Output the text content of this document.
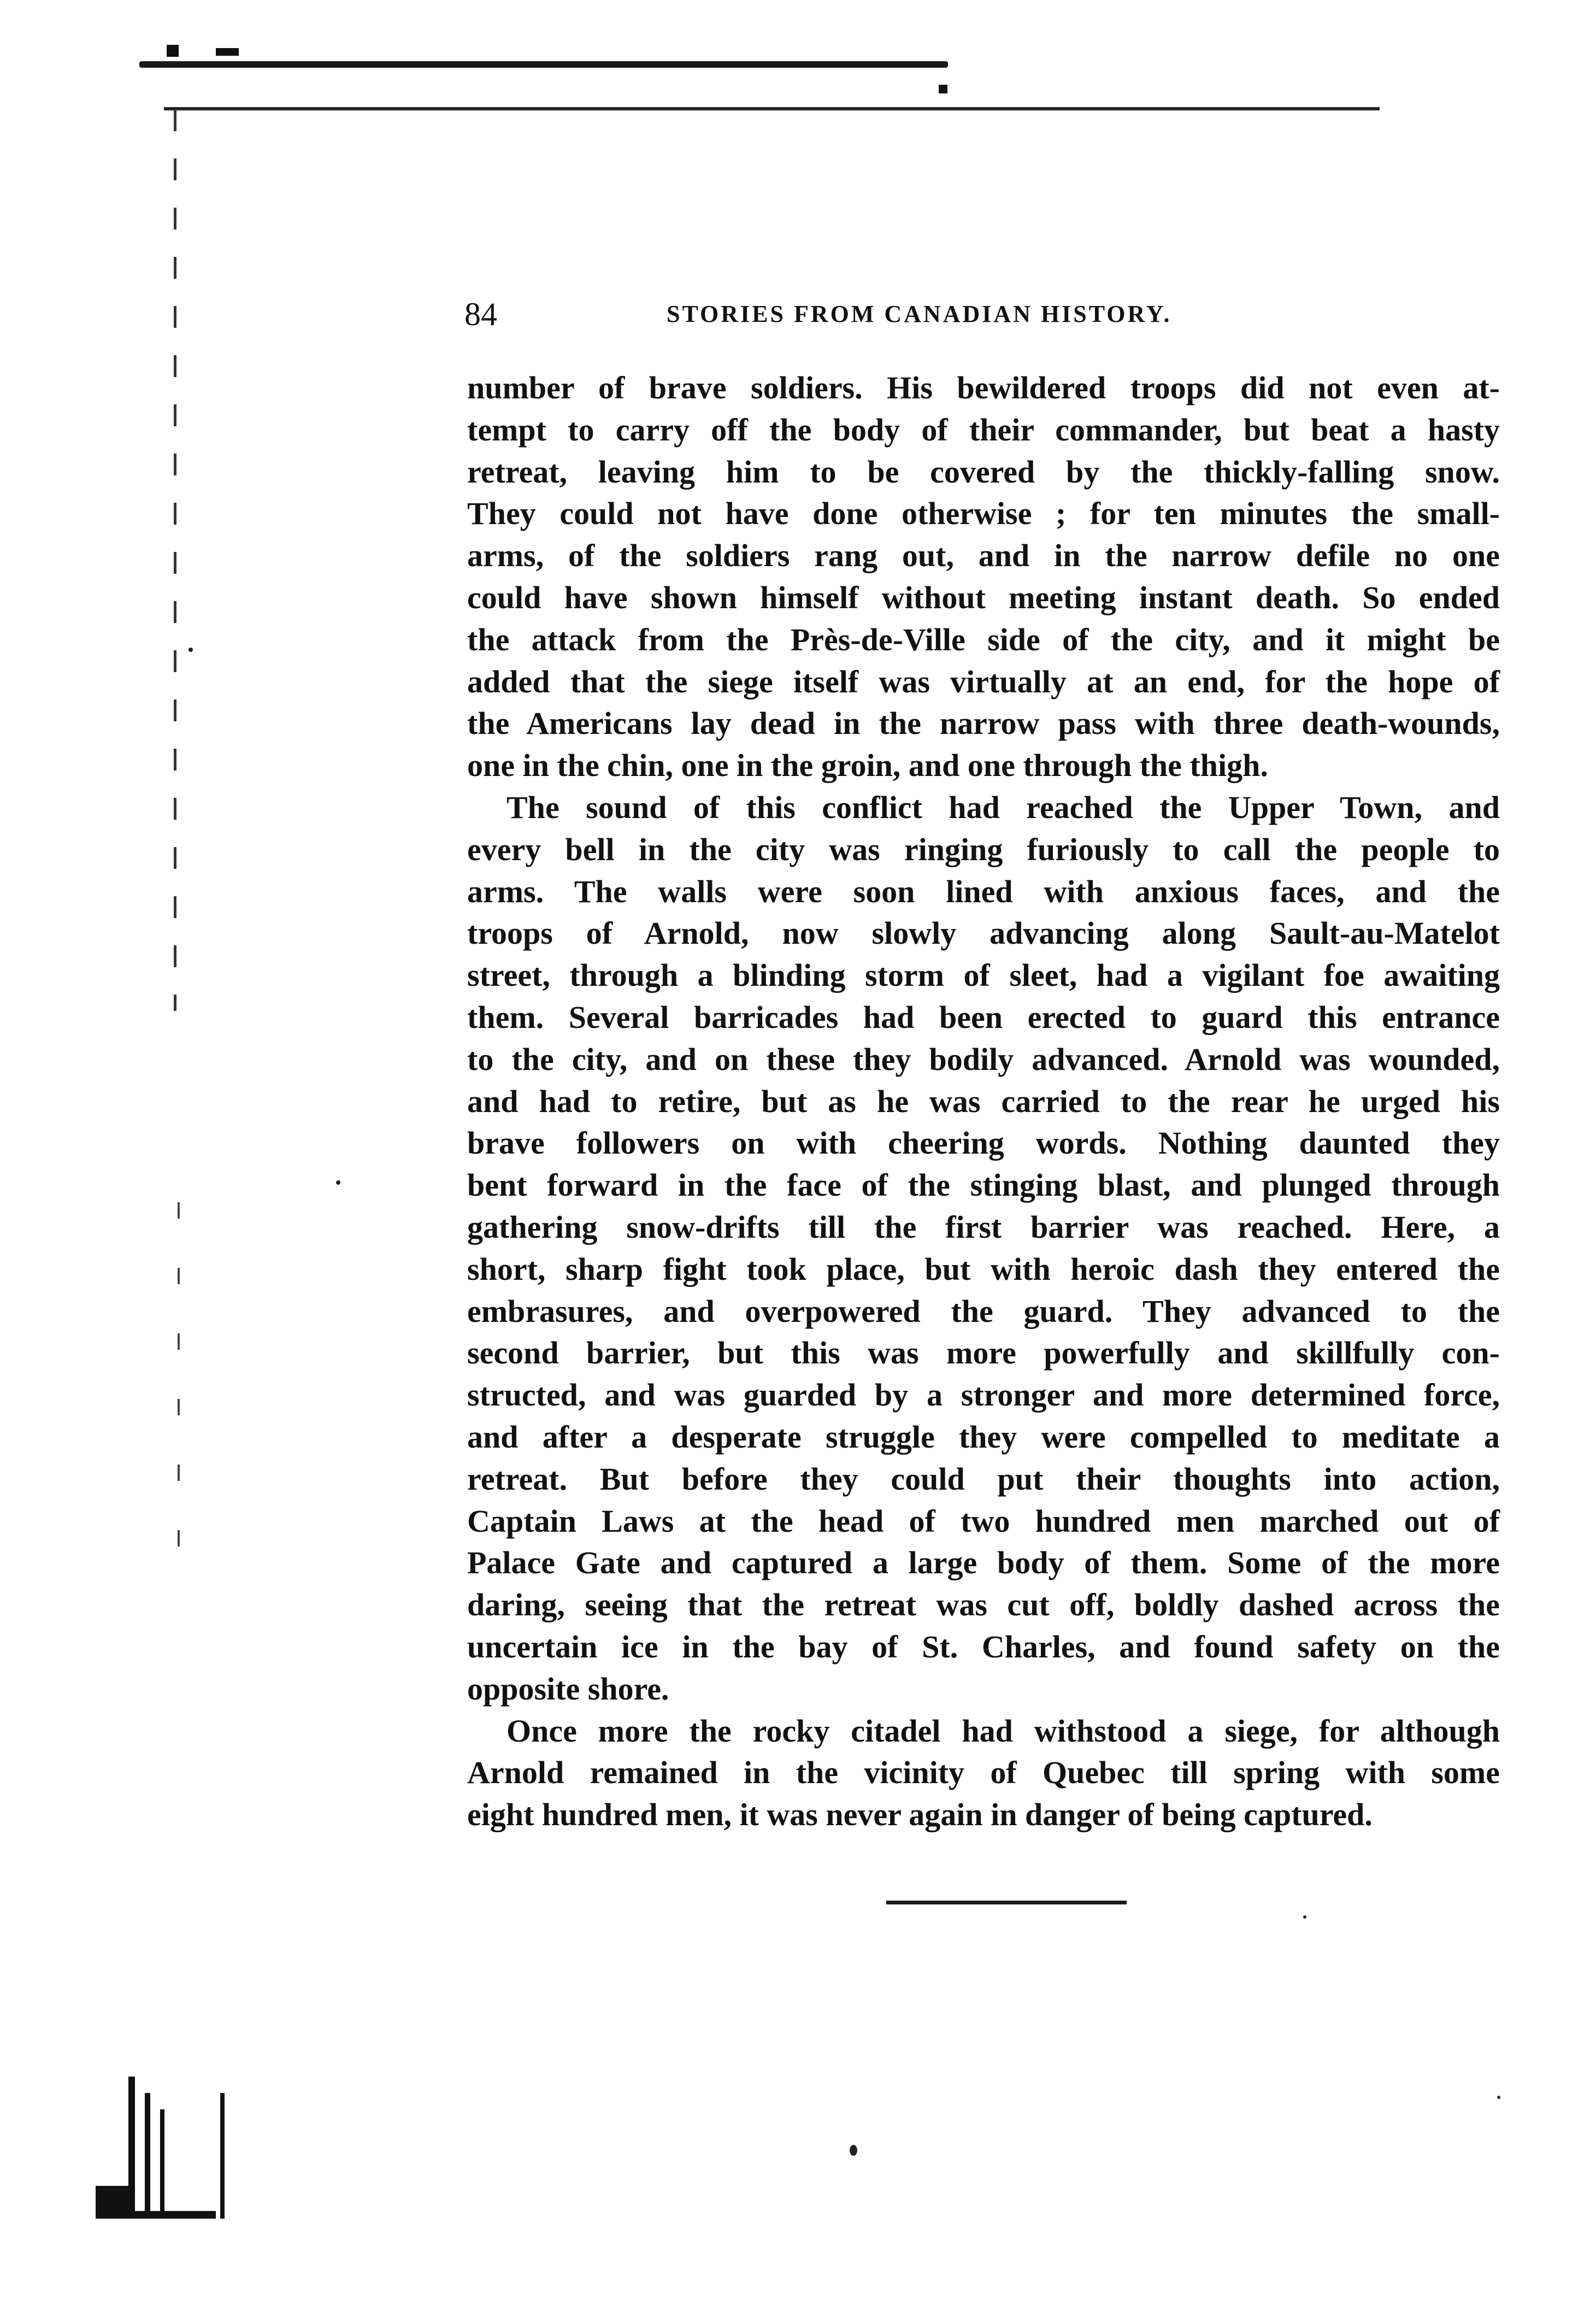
84	STORIES FROM CANADIAN HISTORY.
number of brave soldiers. His bewildered troops did not even at-
tempt to carry off the body of their commander, but beat a hasty
retreat, leaving him to be covered by the thickly-falling snow.
They could not have done otherwise ; for ten minutes the small-
arms, of the soldiers rang out, and in the narrow defile no one
could have shown himself without meeting instant death. So ended
the attack from the Près-de-Ville side of the city, and it might be
added that the siege itself was virtually at an end, for the hope of
the Americans lay dead in the narrow pass with three death-wounds,
one in the chin, one in the groin, and one through the thigh.
The sound of this conflict had reached the Upper Town, and
every bell in the city was ringing furiously to call the people to
arms. The walls were soon lined with anxious faces, and the
troops of Arnold, now slowly advancing along Sault-au-Matelot
street, through a blinding storm of sleet, had a vigilant foe awaiting
them. Several barricades had been erected to guard this entrance
to the city, and on these they bodily advanced. Arnold was wounded,
and had to retire, but as he was carried to the rear he urged his
brave followers on with cheering words. Nothing daunted they
bent forward in the face of the stinging blast, and plunged through
gathering snow-drifts till the first barrier was reached. Here, a
short, sharp fight took place, but with heroic dash they entered the
embrasures, and overpowered the guard. They advanced to the
second barrier, but this was more powerfully and skillfully con-
structed, and was guarded by a stronger and more determined force,
and after a desperate struggle they were compelled to meditate a
retreat. But before they could put their thoughts into action,
Captain Laws at the head of two hundred men marched out of
Palace Gate and captured a large body of them. Some of the more
daring, seeing that the retreat was cut off, boldly dashed across the
uncertain ice in the bay of St. Charles, and found safety on the
opposite shore.
Once more the rocky citadel had withstood a siege, for although
Arnold remained in the vicinity of Quebec till spring with some
eight hundred men, it was never again in danger of being captured.
